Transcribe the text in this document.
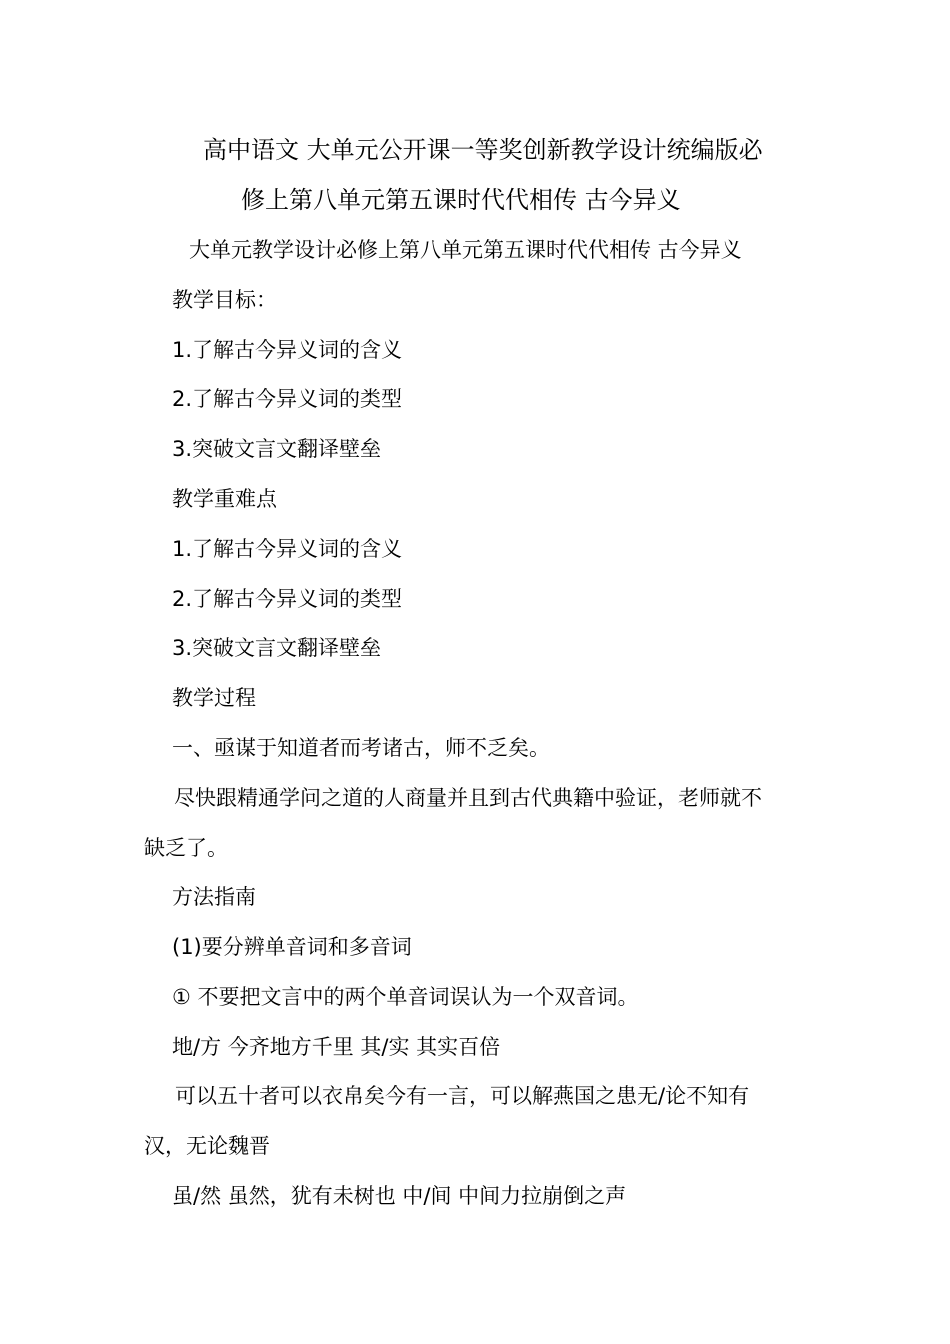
高中语文 大单元公开课一等奖创新教学设计统编版必
修上第八单元第五课时代代相传 古今异义
大单元教学设计必修上第八单元第五课时代代相传 古今异义
教学目标：
1.了解古今异义词的含义
2.了解古今异义词的类型
3.突破文言文翻译壁垒
教学重难点
1.了解古今异义词的含义
2.了解古今异义词的类型
3.突破文言文翻译壁垒
教学过程
一、亟谋于知道者而考诸古，师不乏矣。
尽快跟精通学问之道的人商量并且到古代典籍中验证，老师就不
缺乏了。
方法指南
(1)要分辨单音词和多音词
① 不要把文言中的两个单音词误认为一个双音词。
地/方 今齐地方千里 其/实 其实百倍
可以五十者可以衣帛矣今有一言，可以解燕国之患无/论不知有
汉，无论魏晋
虽/然 虽然，犹有未树也 中/间 中间力拉崩倒之声
